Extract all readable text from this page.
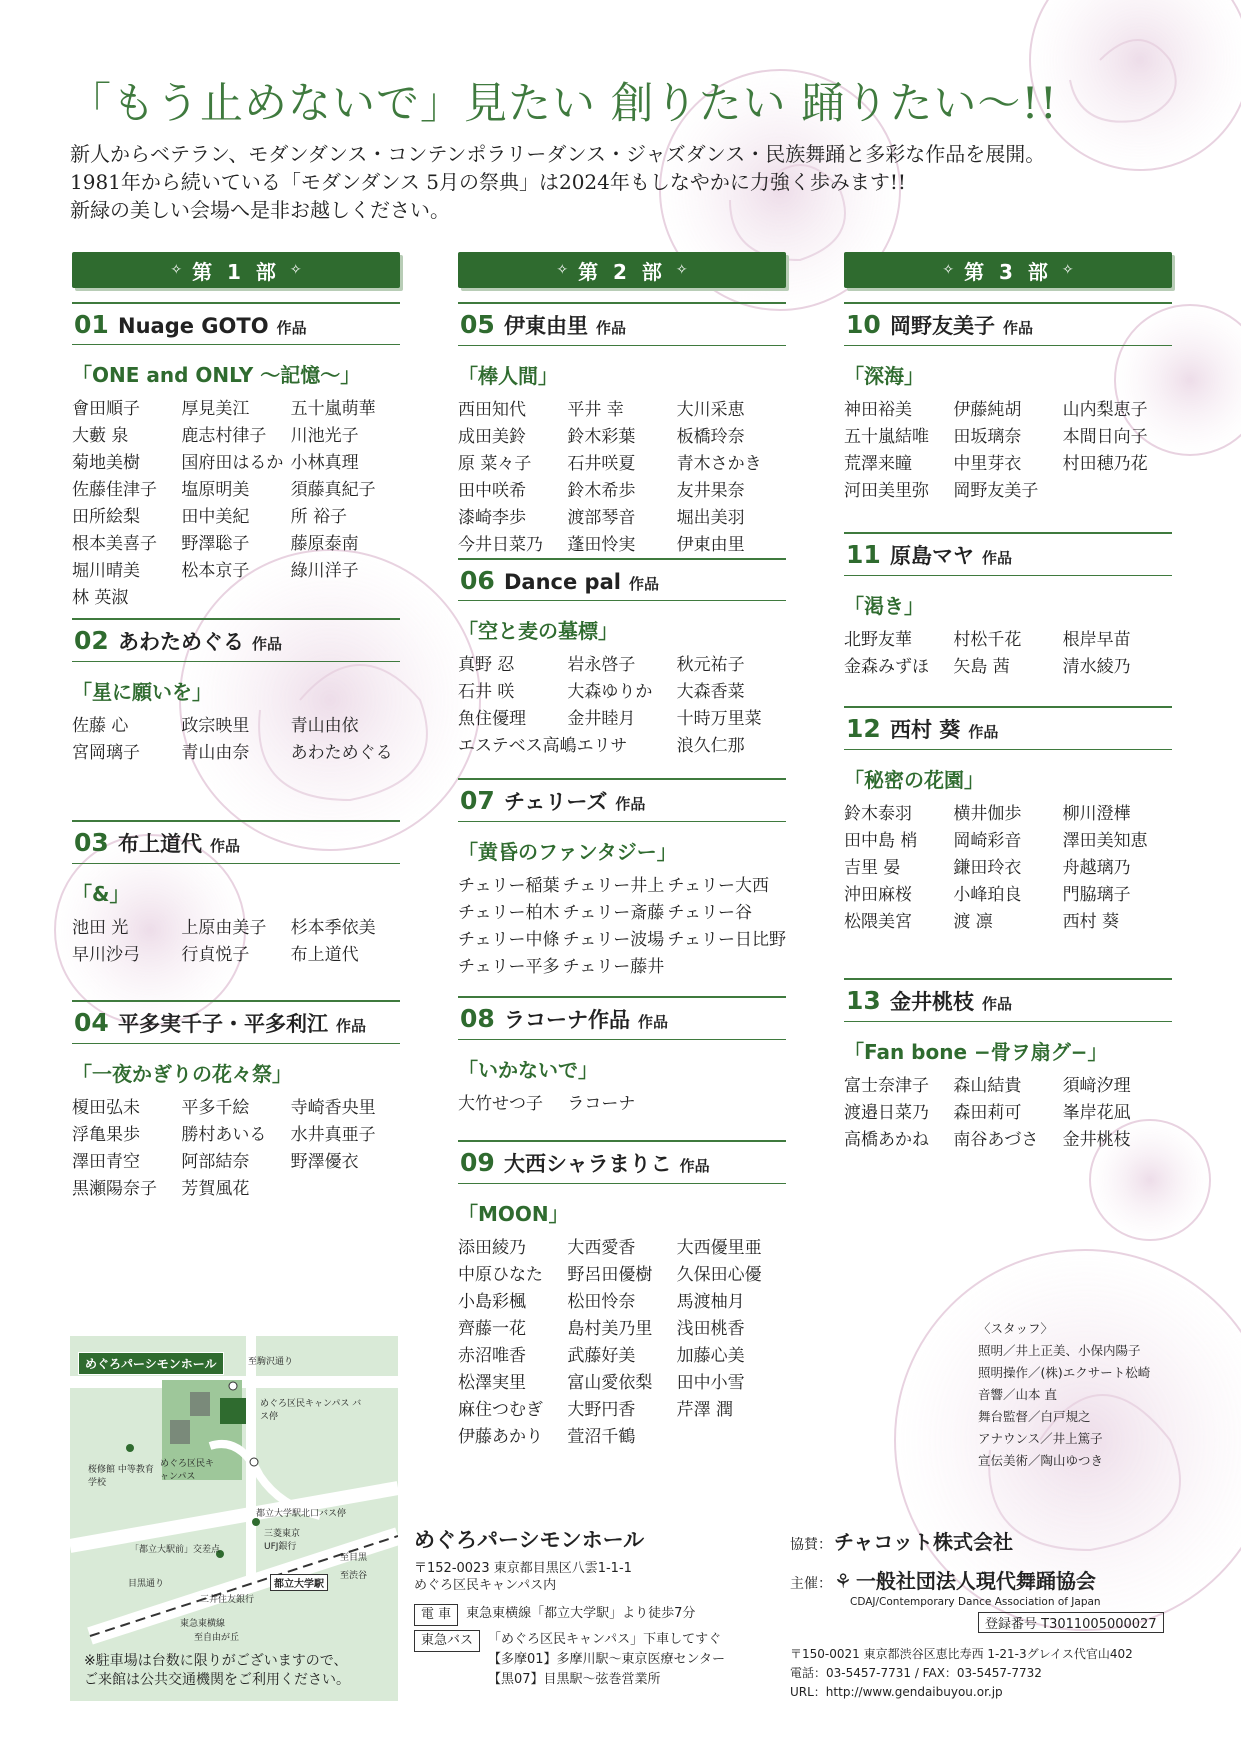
「もう止めないで」見たい 創りたい 踊りたい〜!!
新人からベテラン、モダンダンス・コンテンポラリーダンス・ジャズダンス・民族舞踊と多彩な作品を展開。
1981年から続いている「モダンダンス 5月の祭典」は2024年もしなやかに力強く歩みます!!
新緑の美しい会場へ是非お越しください。
✧ 第 1 部 ✧
01 Nuage GOTO 作品
「ONE and ONLY 〜記憶〜」
會田順子	厚見美江	五十嵐萌華
大藪 泉	鹿志村律子	川池光子
菊地美樹	国府田はるか 小林真理
佐藤佳津子	塩原明美	須藤真紀子
田所絵梨	田中美紀	所 裕子
根本美喜子	野澤聡子	藤原泰南
堀川晴美	松本京子	綠川洋子
林 英淑
02 あわためぐる 作品
「星に願いを」
佐藤 心	政宗映里	青山由依
宮岡璃子	青山由奈	あわためぐる
03 布上道代 作品
「&」
池田 光	上原由美子	杉本季依美
早川沙弓	行貞悦子	布上道代
04 平多実千子・平多利江 作品
「一夜かぎりの花々祭」
榎田弘未	平多千絵	寺崎香央里
浮亀果歩	勝村あいる	水井真亜子
澤田青空	阿部結奈	野澤優衣
黒瀬陽奈子	芳賀風花
✧ 第 2 部 ✧
05 伊東由里 作品
「棒人間」
西田知代	平井 幸	大川采恵
成田美鈴	鈴木彩葉	板橋玲奈
原 菜々子	石井咲夏	青木さかき
田中咲希	鈴木希歩	友井果奈
漆崎李歩	渡部琴音	堀出美羽
今井日菜乃	蓬田怜実	伊東由里
06 Dance pal 作品
「空と麦の墓標」
真野 忍	岩永啓子	秋元祐子
石井 咲	大森ゆりか	大森香菜
魚住優理	金井睦月	十時万里菜
エステベス高嶋エリサ	浪久仁那
07 チェリーズ 作品
「黄昏のファンタジー」
チェリー稲葉 チェリー井上 チェリー大西
チェリー柏木 チェリー斎藤 チェリー谷
チェリー中條 チェリー波場 チェリー日比野
チェリー平多 チェリー藤井
08 ラコーナ作品 作品
「いかないで」
大竹せつ子	ラコーナ
09 大西シャラまりこ 作品
「MOON」
添田綾乃	大西愛香	大西優里亜
中原ひなた	野呂田優樹	久保田心優
小島彩楓	松田怜奈	馬渡柚月
齊藤一花	島村美乃里	浅田桃香
赤沼唯香	武藤好美	加藤心美
松澤実里	富山愛依梨	田中小雪
麻住つむぎ	大野円香	芹澤 潤
伊藤あかり	萱沼千鶴
✧ 第 3 部 ✧
10 岡野友美子 作品
「深海」
神田裕美	伊藤純胡	山内梨恵子
五十嵐結唯	田坂璃奈	本間日向子
荒澤来瞳	中里芽衣	村田穂乃花
河田美里弥	岡野友美子
11 原島マヤ 作品
「渇き」
北野友華	村松千花	根岸早苗
金森みずほ	矢島 茜	清水綾乃
12 西村 葵 作品
「秘密の花園」
鈴木泰羽	横井伽歩	柳川澄樺
田中島 梢	岡崎彩音	澤田美知恵
吉里 晏	鎌田玲衣	舟越璃乃
沖田麻桜	小峰珀良	門脇璃子
松隈美宮	渡 凛	西村 葵
13 金井桃枝 作品
「Fan bone −骨ヲ扇グ−」
富士奈津子	森山結貴	須﨑汐理
渡邉日菜乃	森田莉可	峯岸花凪
高橋あかね	南谷あづさ	金井桃枝
めぐろパーシモンホール	至駒沢通り
めぐろ区民キャンパス バス停
めぐろ区民キャンパス
桜修館 中等教育学校
都立大学駅北口バス停
三菱東京 UFJ銀行
「都立大駅前」交差点
至目黒
至渋谷
目黒通り
三井住友銀行
都立大学駅
東急東横線
至自由が丘
※駐車場は台数に限りがございますので、
ご来館は公共交通機関をご利用ください。
めぐろパーシモンホール
〒152-0023 東京都目黒区八雲1-1-1
めぐろ区民キャンパス内
電 車	東急東横線「都立大学駅」より徒歩7分
東急バス	「めぐろ区民キャンパス」下車してすぐ
【多摩01】多摩川駅〜東京医療センター
【黒07】目黒駅〜弦巻営業所
〈スタッフ〉
照明／井上正美、小保内陽子
照明操作／(株)エクサート松崎
音響／山本 直
舞台監督／白戸規之
アナウンス／井上篤子
宣伝美術／陶山ゆつき
協賛： チャコット株式会社
主催： ⚘ 一般社団法人現代舞踊協会
CDAJ/Contemporary Dance Association of Japan
登録番号 T3011005000027
〒150-0021 東京都渋谷区恵比寿西 1-21-3グレイス代官山402
電話：03-5457-7731 / FAX：03-5457-7732
URL：http://www.gendaibuyou.or.jp
